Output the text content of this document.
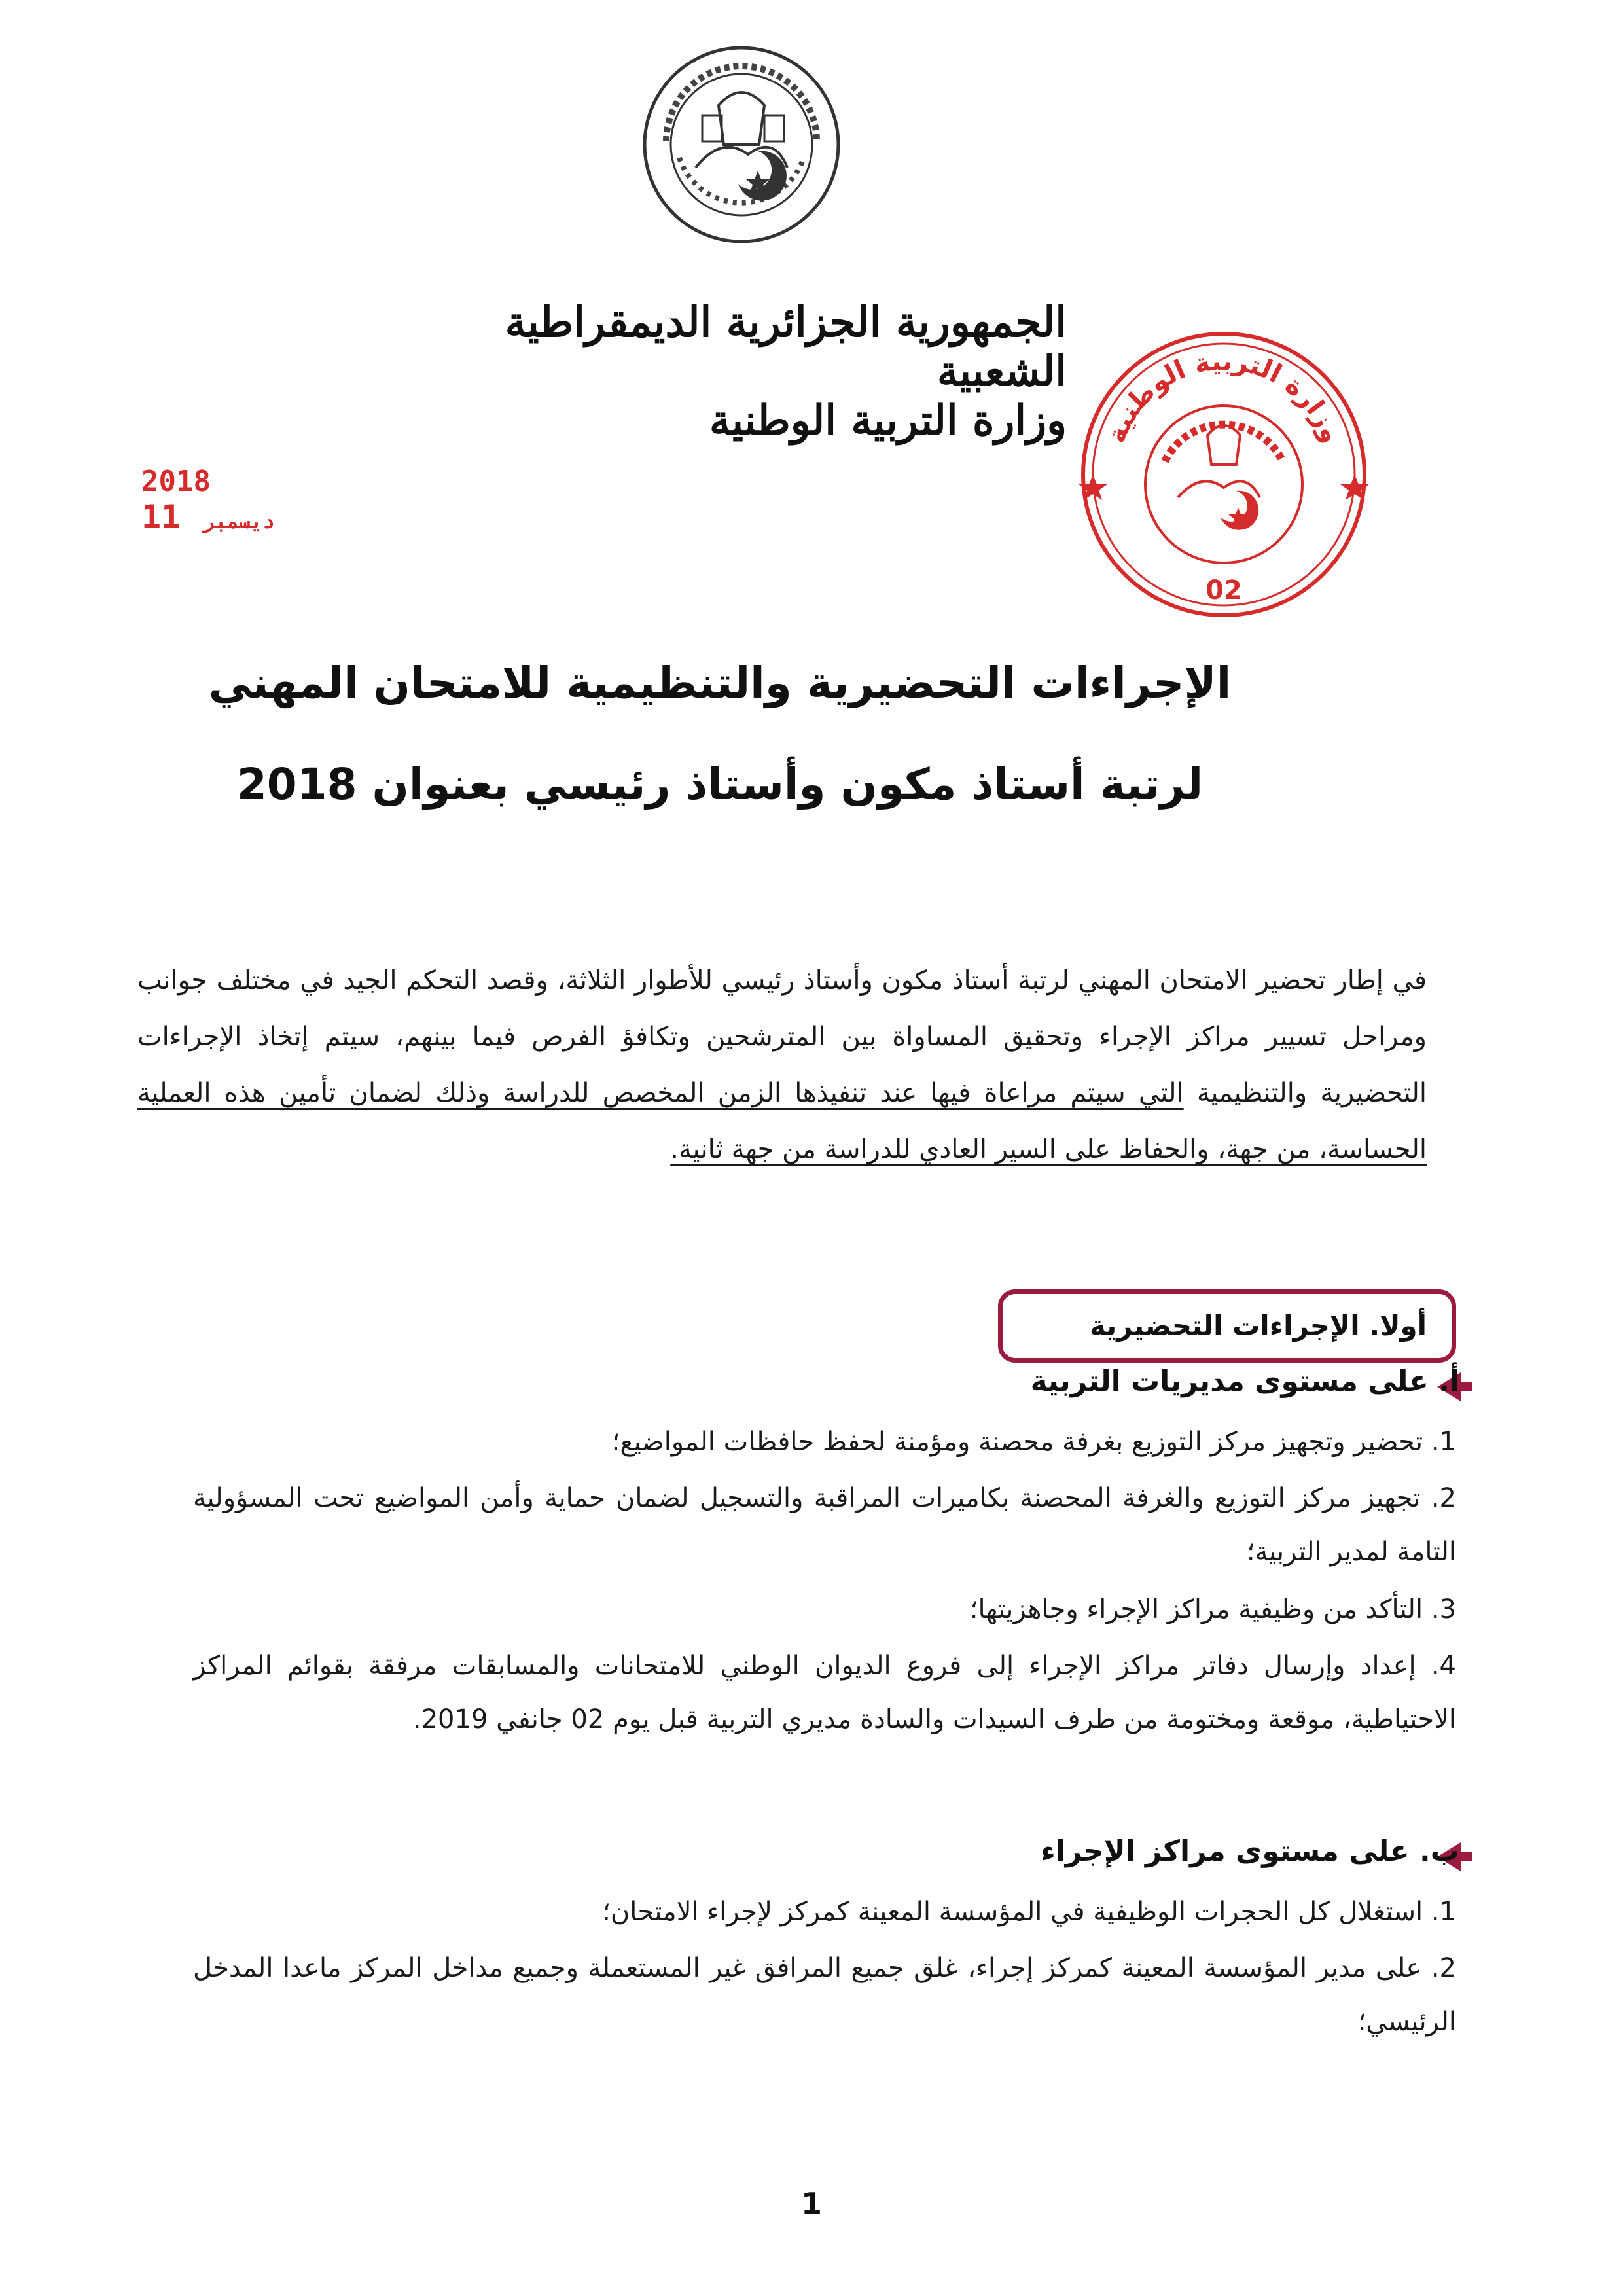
الجمهورية الجزائرية الديمقراطية الشعبية
وزارة التربية الوطنية
2018 ديسمبر 11
وزارة التربية الوطنية
02
الإجراءات التحضيرية والتنظيمية للامتحان المهني
لرتبة أستاذ مكون وأستاذ رئيسي بعنوان 2018
في إطار تحضير الامتحان المهني لرتبة أستاذ مكون وأستاذ رئيسي للأطوار الثلاثة، وقصد التحكم الجيد في مختلف جوانب ومراحل تسيير مراكز الإجراء وتحقيق المساواة بين المترشحين وتكافؤ الفرص فيما بينهم، سيتم إتخاذ الإجراءات التحضيرية والتنظيمية التي سيتم مراعاة فيها عند تنفيذها الزمن المخصص للدراسة وذلك لضمان تأمين هذه العملية الحساسة، من جهة، والحفاظ على السير العادي للدراسة من جهة ثانية.
أولا. الإجراءات التحضيرية
أ. على مستوى مديريات التربية
1. تحضير وتجهيز مركز التوزيع بغرفة محصنة ومؤمنة لحفظ حافظات المواضيع؛
2. تجهيز مركز التوزيع والغرفة المحصنة بكاميرات المراقبة والتسجيل لضمان حماية وأمن المواضيع تحت المسؤولية التامة لمدير التربية؛
3. التأكد من وظيفية مراكز الإجراء وجاهزيتها؛
4. إعداد وإرسال دفاتر مراكز الإجراء إلى فروع الديوان الوطني للامتحانات والمسابقات مرفقة بقوائم المراكز الاحتياطية، موقعة ومختومة من طرف السيدات والسادة مديري التربية قبل يوم 02 جانفي 2019.
ب. على مستوى مراكز الإجراء
1. استغلال كل الحجرات الوظيفية في المؤسسة المعينة كمركز لإجراء الامتحان؛
2. على مدير المؤسسة المعينة كمركز إجراء، غلق جميع المرافق غير المستعملة وجميع مداخل المركز ماعدا المدخل الرئيسي؛
1
